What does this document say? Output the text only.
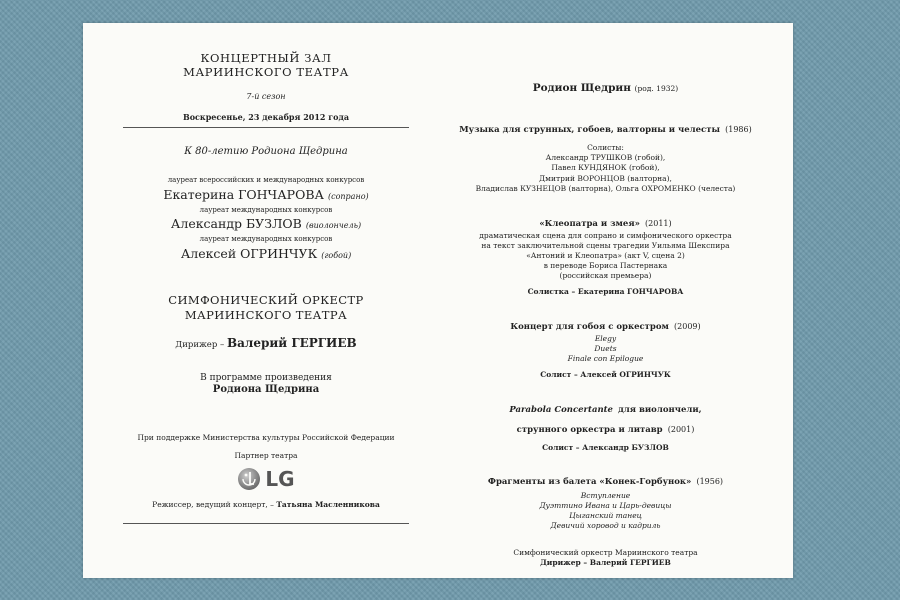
КОНЦЕРТНЫЙ ЗАЛ
МАРИИНСКОГО ТЕАТРА
7-й сезон
Воскресенье, 23 декабря 2012 года
К 80-летию Родиона Щедрина
лауреат всероссийских и международных конкурсов
Екатерина ГОНЧАРОВА (сопрано)
лауреат международных конкурсов
Александр БУЗЛОВ (виолончель)
лауреат международных конкурсов
Алексей ОГРИНЧУК (гобой)
СИМФОНИЧЕСКИЙ ОРКЕСТР
МАРИИНСКОГО ТЕАТРА
Дирижер – Валерий ГЕРГИЕВ
В программе произведения
Родиона Щедрина
При поддержке Министерства культуры Российской Федерации
Партнер театра
LG
Режиссер, ведущий концерт, – Татьяна Масленникова
Родион Щедрин (род. 1932)
Музыка для струнных, гобоев, валторны и челесты (1986)
Солисты:
Александр ТРУШКОВ (гобой),
Павел КУНДЯНОК (гобой),
Дмитрий ВОРОНЦОВ (валторна),
Владислав КУЗНЕЦОВ (валторна), Ольга ОХРОМЕНКО (челеста)
«Клеопатра и змея» (2011)
драматическая сцена для сопрано и симфонического оркестра
на текст заключительной сцены трагедии Уильяма Шекспира
«Антоний и Клеопатра» (акт V, сцена 2)
в переводе Бориса Пастернака
(российская премьера)
Солистка – Екатерина ГОНЧАРОВА
Концерт для гобоя с оркестром (2009)
Elegy
Duets
Finale con Epilogue
Солист – Алексей ОГРИНЧУК
Parabola Concertante для виолончели,
струнного оркестра и литавр (2001)
Солист – Александр БУЗЛОВ
Фрагменты из балета «Конек-Горбунок» (1956)
Вступление
Дуэттино Ивана и Царь-девицы
Цыганский танец
Девичий хоровод и кадриль
Симфонический оркестр Мариинского театра
Дирижер – Валерий ГЕРГИЕВ
